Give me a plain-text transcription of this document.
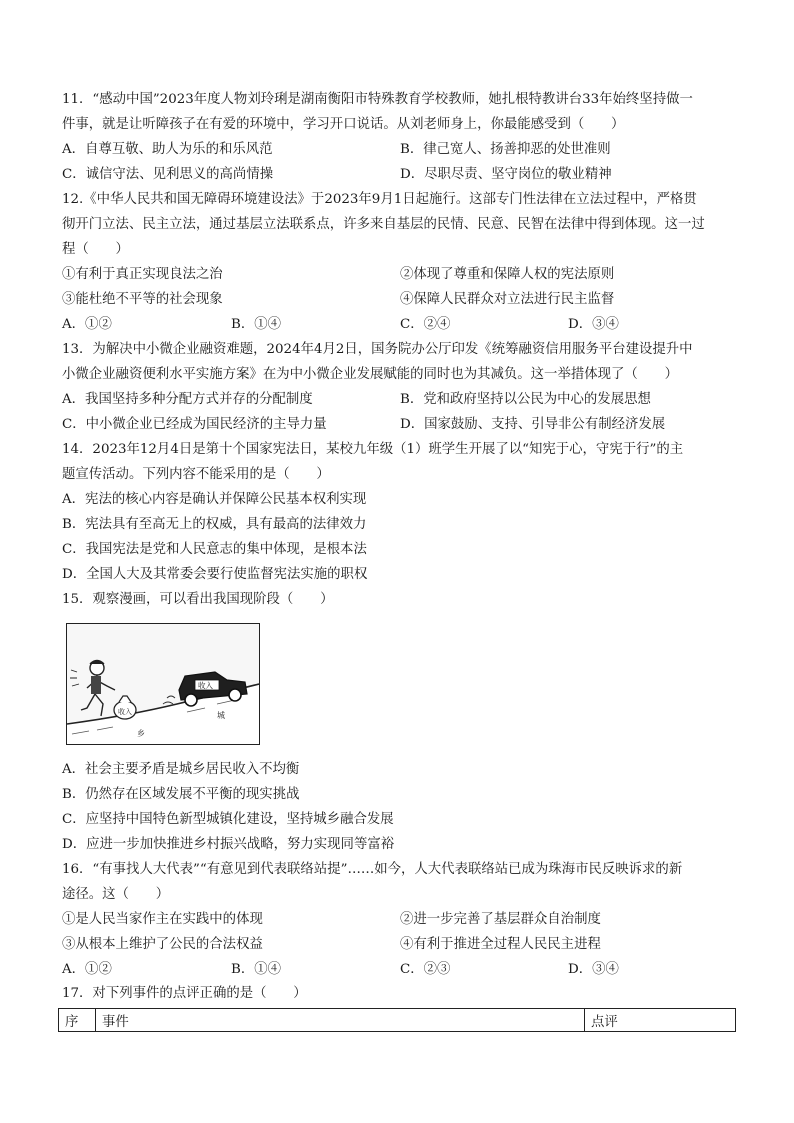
11．“感动中国”2023年度人物刘玲琍是湖南衡阳市特殊教育学校教师，她扎根特教讲台33年始终坚持做一
件事，就是让听障孩子在有爱的环境中，学习开口说话。从刘老师身上，你最能感受到（　　）
A．自尊互敬、助人为乐的和乐风范	B．律己宽人、扬善抑恶的处世准则
C．诚信守法、见利思义的高尚情操	D．尽职尽责、坚守岗位的敬业精神
12.《中华人民共和国无障碍环境建设法》于2023年9月1日起施行。这部专门性法律在立法过程中，严格贯
彻开门立法、民主立法，通过基层立法联系点，许多来自基层的民情、民意、民智在法律中得到体现。这一过
程（　　）
①有利于真正实现良法之治	②体现了尊重和保障人权的宪法原则
③能杜绝不平等的社会现象	④保障人民群众对立法进行民主监督
A．①②	B．①④	C．②④	D．③④
13．为解决中小微企业融资难题，2024年4月2日，国务院办公厅印发《统筹融资信用服务平台建设提升中
小微企业融资便利水平实施方案》在为中小微企业发展赋能的同时也为其减负。这一举措体现了（　　）
A．我国坚持多种分配方式并存的分配制度	B．党和政府坚持以公民为中心的发展思想
C．中小微企业已经成为国民经济的主导力量	D．国家鼓励、支持、引导非公有制经济发展
14．2023年12月4日是第十个国家宪法日，某校九年级（1）班学生开展了以“知宪于心，守宪于行”的主
题宣传活动。下列内容不能采用的是（　　）
A．宪法的核心内容是确认并保障公民基本权利实现
B．宪法具有至高无上的权威，具有最高的法律效力
C．我国宪法是党和人民意志的集中体现，是根本法
D．全国人大及其常委会要行使监督宪法实施的职权
15．观察漫画，可以看出我国现阶段（　　）
收入
乡
收入
城
A．社会主要矛盾是城乡居民收入不均衡
B．仍然存在区域发展不平衡的现实挑战
C．应坚持中国特色新型城镇化建设，坚持城乡融合发展
D．应进一步加快推进乡村振兴战略，努力实现同等富裕
16．“有事找人大代表”“有意见到代表联络站提”……如今，人大代表联络站已成为珠海市民反映诉求的新
途径。这（　　）
①是人民当家作主在实践中的体现	②进一步完善了基层群众自治制度
③从根本上维护了公民的合法权益	④有利于推进全过程人民民主进程
A．①②	B．①④	C．②③	D．③④
17．对下列事件的点评正确的是（　　）
序	事件	点评
